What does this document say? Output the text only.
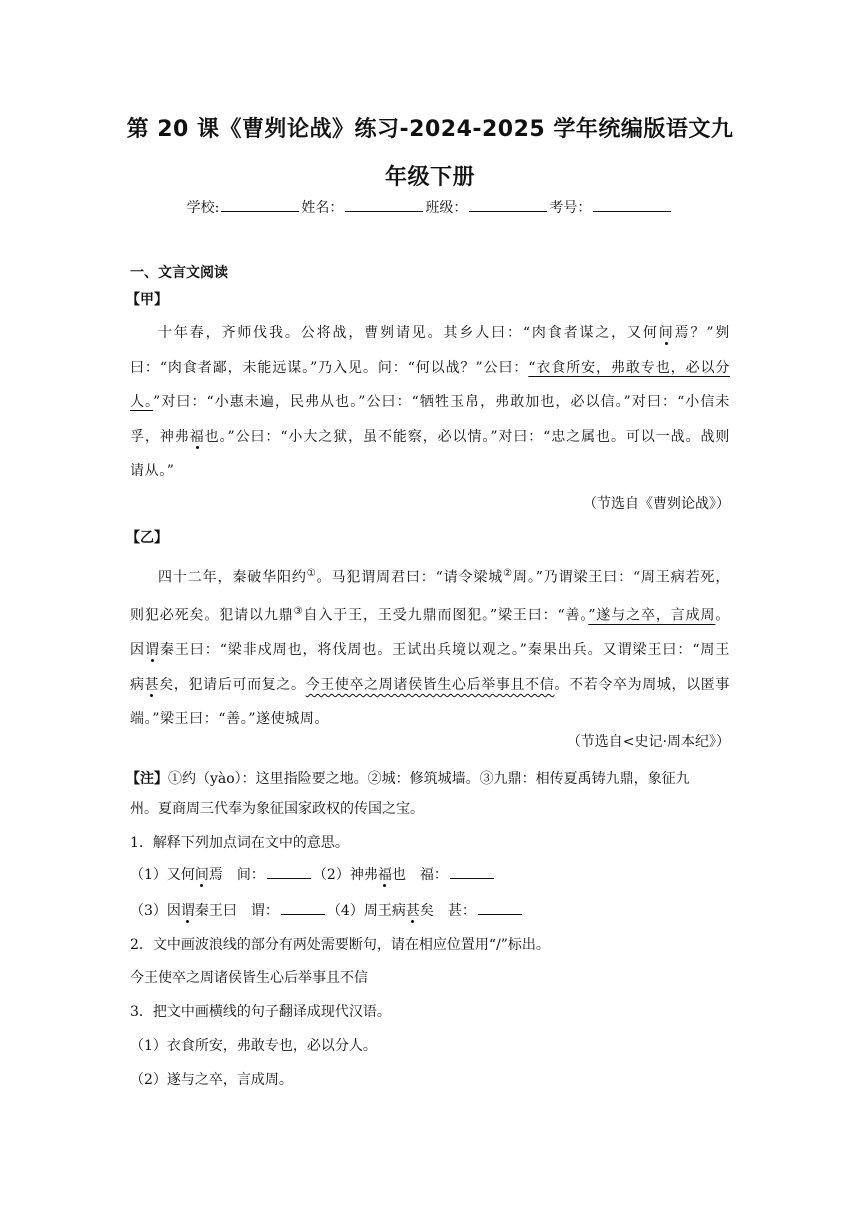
第 20 课《曹刿论战》练习-2024-2025 学年统编版语文九年级下册
学校:	姓名：	班级：	考号：
一、文言文阅读
【甲】
十年春，齐师伐我。公将战，曹刿请见。其乡人曰：“肉食者谋之，又何间焉？”刿曰：“肉食者鄙，未能远谋。”乃入见。问：“何以战？”公曰：“衣食所安，弗敢专也，必以分人。”对曰：“小惠未遍，民弗从也。”公曰：“牺牲玉帛，弗敢加也，必以信。”对曰：“小信未孚，神弗福也。”公曰：“小大之狱，虽不能察，必以情。”对曰：“忠之属也。可以一战。战则请从。”
（节选自《曹刿论战》）
【乙】
四十二年，秦破华阳约①。马犯谓周君曰：“请令梁城②周。”乃谓梁王曰：“周王病若死，则犯必死矣。犯请以九鼎③自入于王，王受九鼎而图犯。”梁王曰：“善。”遂与之卒，言成周。因谓秦王曰：“梁非戍周也，将伐周也。王试出兵境以观之。”秦果出兵。又谓梁王曰：“周王病甚矣，犯请后可而复之。今王使卒之周诸侯皆生心后举事且不信。不若令卒为周城，以匿事端。”梁王曰：“善。”遂使城周。
（节选自<史记·周本纪》）
【注】①约（yào）：这里指险要之地。②城：修筑城墙。③九鼎：相传夏禹铸九鼎，象征九
州。夏商周三代奉为象征国家政权的传国之宝。
1．解释下列加点词在文中的意思。
（1）又何间焉　间：	（2）神弗福也　福：
（3）因谓秦王曰　谓：	（4）周王病甚矣　甚：
2．文中画波浪线的部分有两处需要断句，请在相应位置用“/”标出。
今王使卒之周诸侯皆生心后举事且不信
3．把文中画横线的句子翻译成现代汉语。
（1）衣食所安，弗敢专也，必以分人。
（2）遂与之卒，言成周。
